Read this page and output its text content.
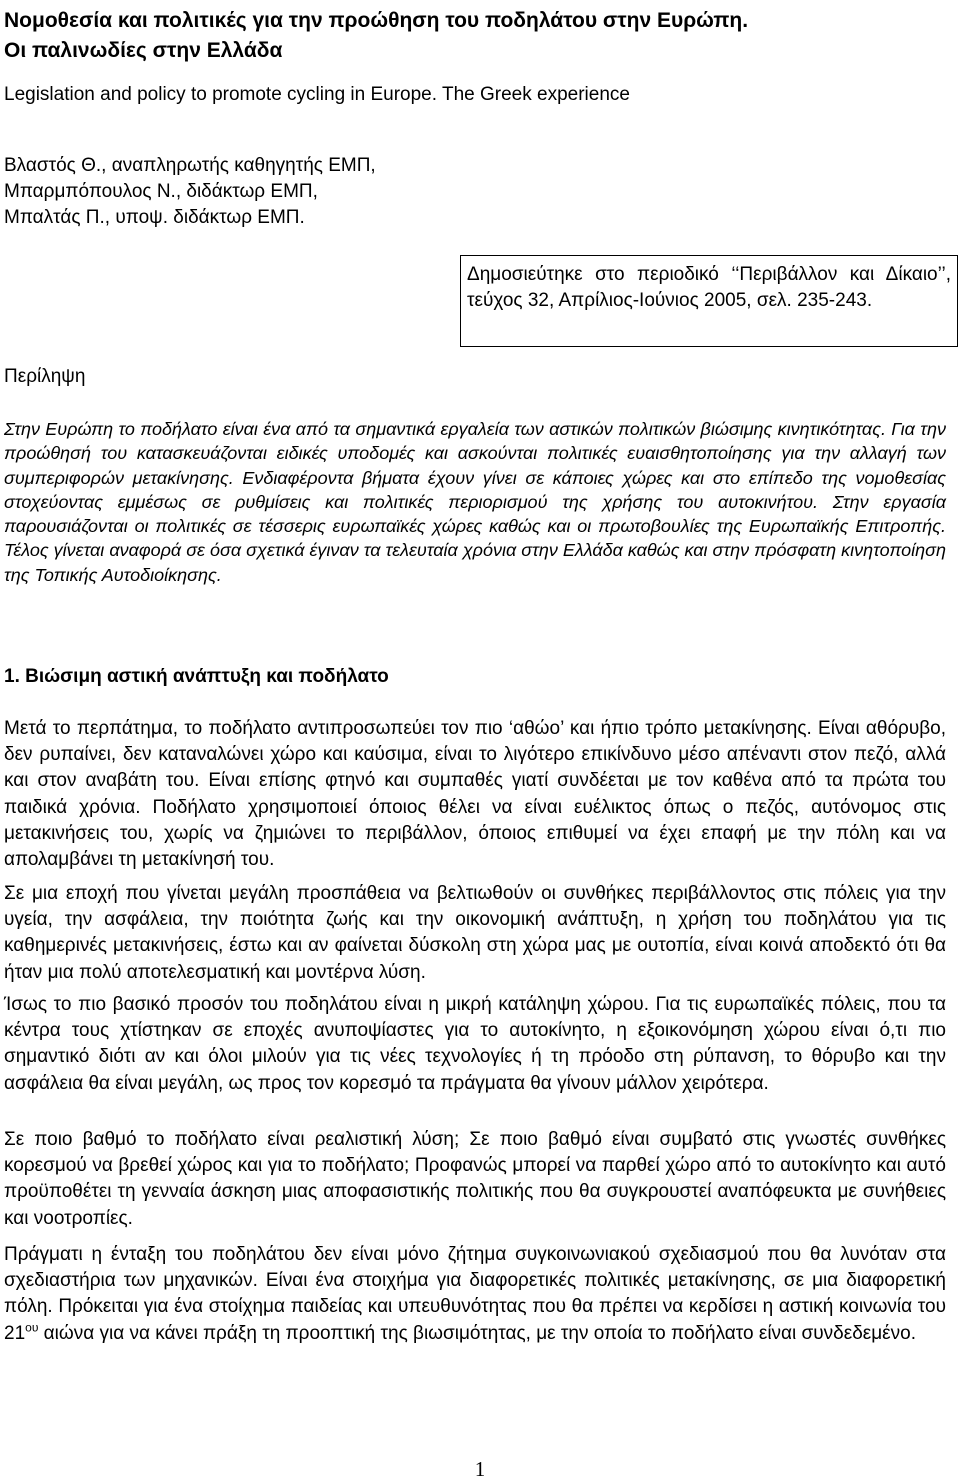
Νομοθεσία και πολιτικές για την προώθηση του ποδηλάτου στην Ευρώπη.
Οι παλινωδίες στην Ελλάδα
Legislation and policy to promote cycling in Europe. The Greek experience
Βλαστός Θ., αναπληρωτής καθηγητής ΕΜΠ,
Μπαρμπόπουλος Ν., διδάκτωρ ΕΜΠ,
Μπαλτάς Π., υποψ. διδάκτωρ ΕΜΠ.
Δημοσιεύτηκε στο περιοδικό ‘‘Περιβάλλον και Δίκαιο’’, τεύχος 32, Απρίλιος-Ιούνιος 2005, σελ. 235-243.
Περίληψη

Στην Ευρώπη το ποδήλατο είναι ένα από τα σημαντικά εργαλεία των αστικών πολιτικών βιώσιμης κινητικότητας. Για την προώθησή του κατασκευάζονται ειδικές υποδομές και ασκούνται πολιτικές ευαισθητοποίησης για την αλλαγή των συμπεριφορών μετακίνησης. Ενδιαφέροντα βήματα έχουν γίνει σε κάποιες χώρες και στο επίπεδο της νομοθεσίας στοχεύοντας εμμέσως σε ρυθμίσεις και πολιτικές περιορισμού της χρήσης του αυτοκινήτου. Στην εργασία παρουσιάζονται οι πολιτικές σε τέσσερις ευρωπαϊκές χώρες καθώς και οι πρωτοβουλίες της Ευρωπαϊκής Επιτροπής. Τέλος γίνεται αναφορά σε όσα σχετικά έγιναν τα τελευταία χρόνια στην Ελλάδα καθώς και στην πρόσφατη κινητοποίηση της Τοπικής Αυτοδιοίκησης.

1. Βιώσιμη αστική ανάπτυξη και ποδήλατο

Μετά το περπάτημα, το ποδήλατο αντιπροσωπεύει τον πιο ‘αθώο’ και ήπιο τρόπο μετακίνησης. Είναι αθόρυβο, δεν ρυπαίνει, δεν καταναλώνει χώρο και καύσιμα, είναι το λιγότερο επικίνδυνο μέσο απέναντι στον πεζό, αλλά και στον αναβάτη του. Είναι επίσης φτηνό και συμπαθές γιατί συνδέεται με τον καθένα από τα πρώτα του παιδικά χρόνια. Ποδήλατο χρησιμοποιεί όποιος θέλει να είναι ευέλικτος όπως ο πεζός, αυτόνομος στις μετακινήσεις του, χωρίς να ζημιώνει το περιβάλλον, όποιος επιθυμεί να έχει επαφή με την πόλη και να απολαμβάνει τη μετακίνησή του.

Σε μια εποχή που γίνεται μεγάλη προσπάθεια να βελτιωθούν οι συνθήκες περιβάλλοντος στις πόλεις για την υγεία, την ασφάλεια, την ποιότητα ζωής και την οικονομική ανάπτυξη, η χρήση του ποδηλάτου για τις καθημερινές μετακινήσεις, έστω και αν φαίνεται δύσκολη στη χώρα μας με ουτοπία, είναι κοινά αποδεκτό ότι θα ήταν μια πολύ αποτελεσματική και μοντέρνα λύση.

Ίσως το πιο βασικό προσόν του ποδηλάτου είναι η μικρή κατάληψη χώρου. Για τις ευρωπαϊκές πόλεις, που τα κέντρα τους χτίστηκαν σε εποχές ανυποψίαστες για το αυτοκίνητο, η εξοικονόμηση χώρου είναι ό,τι πιο σημαντικό διότι αν και όλοι μιλούν για τις νέες τεχνολογίες ή τη πρόοδο στη ρύπανση, το θόρυβο και την ασφάλεια θα είναι μεγάλη, ως προς τον κορεσμό τα πράγματα θα γίνουν μάλλον χειρότερα.

Σε ποιο βαθμό το ποδήλατο είναι ρεαλιστική λύση; Σε ποιο βαθμό είναι συμβατό στις γνωστές συνθήκες κορεσμού να βρεθεί χώρος και για το ποδήλατο; Προφανώς μπορεί να παρθεί χώρο από το αυτοκίνητο και αυτό προϋποθέτει τη γενναία άσκηση μιας αποφασιστικής πολιτικής που θα συγκρουστεί αναπόφευκτα με συνήθειες και νοοτροπίες.

Πράγματι η ένταξη του ποδηλάτου δεν είναι μόνο ζήτημα συγκοινωνιακού σχεδιασμού που θα λυνόταν στα σχεδιαστήρια των μηχανικών. Είναι ένα στοιχήμα για διαφορετικές πολιτικές μετακίνησης, σε μια διαφορετική πόλη. Πρόκειται για ένα στοίχημα παιδείας και υπευθυνότητας που θα πρέπει να κερδίσει η αστική κοινωνία του $21^{o\upsilon}$ αιώνα για να κάνει πράξη τη προοπτική της βιωσιμότητας, με την οποία το ποδήλατο είναι συνδεδεμένο.

1
